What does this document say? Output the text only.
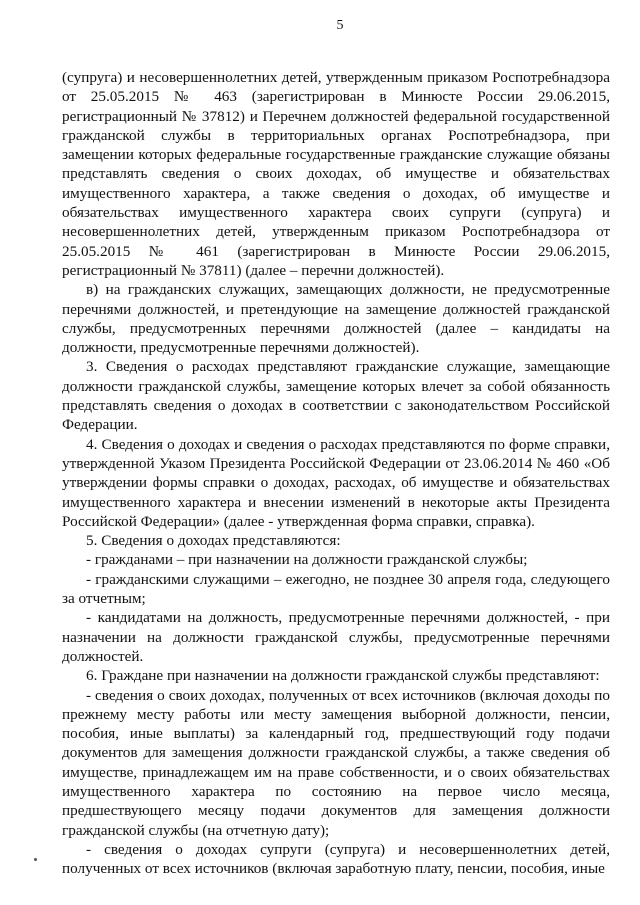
5

(супруга) и несовершеннолетних детей, утвержденным приказом Роспотребнадзора от 25.05.2015 № 463 (зарегистрирован в Минюсте России 29.06.2015, регистрационный № 37812) и Перечнем должностей федеральной государственной гражданской службы в территориальных органах Роспотребнадзора, при замещении которых федеральные государственные гражданские служащие обязаны представлять сведения о своих доходах, об имуществе и обязательствах имущественного характера, а также сведения о доходах, об имуществе и обязательствах имущественного характера своих супруги (супруга) и несовершеннолетних детей, утвержденным приказом Роспотребнадзора от 25.05.2015 № 461 (зарегистрирован в Минюсте России 29.06.2015, регистрационный № 37811) (далее – перечни должностей).

в) на гражданских служащих, замещающих должности, не предусмотренные перечнями должностей, и претендующие на замещение должностей гражданской службы, предусмотренных перечнями должностей (далее – кандидаты на должности, предусмотренные перечнями должностей).

3. Сведения о расходах представляют гражданские служащие, замещающие должности гражданской службы, замещение которых влечет за собой обязанность представлять сведения о доходах в соответствии с законодательством Российской Федерации.

4. Сведения о доходах и сведения о расходах представляются по форме справки, утвержденной Указом Президента Российской Федерации от 23.06.2014 № 460 «Об утверждении формы справки о доходах, расходах, об имуществе и обязательствах имущественного характера и внесении изменений в некоторые акты Президента Российской Федерации» (далее - утвержденная форма справки, справка).

5. Сведения о доходах представляются:

- гражданами – при назначении на должности гражданской службы;

- гражданскими служащими – ежегодно, не позднее 30 апреля года, следующего за отчетным;

- кандидатами на должность, предусмотренные перечнями должностей, - при назначении на должности гражданской службы, предусмотренные перечнями должностей.

6. Граждане при назначении на должности гражданской службы представляют:

- сведения о своих доходах, полученных от всех источников (включая доходы по прежнему месту работы или месту замещения выборной должности, пенсии, пособия, иные выплаты) за календарный год, предшествующий году подачи документов для замещения должности гражданской службы, а также сведения об имуществе, принадлежащем им на праве собственности, и о своих обязательствах имущественного характера по состоянию на первое число месяца, предшествующего месяцу подачи документов для замещения должности гражданской службы (на отчетную дату);

- сведения о доходах супруги (супруга) и несовершеннолетних детей, полученных от всех источников (включая заработную плату, пенсии, пособия, иные
